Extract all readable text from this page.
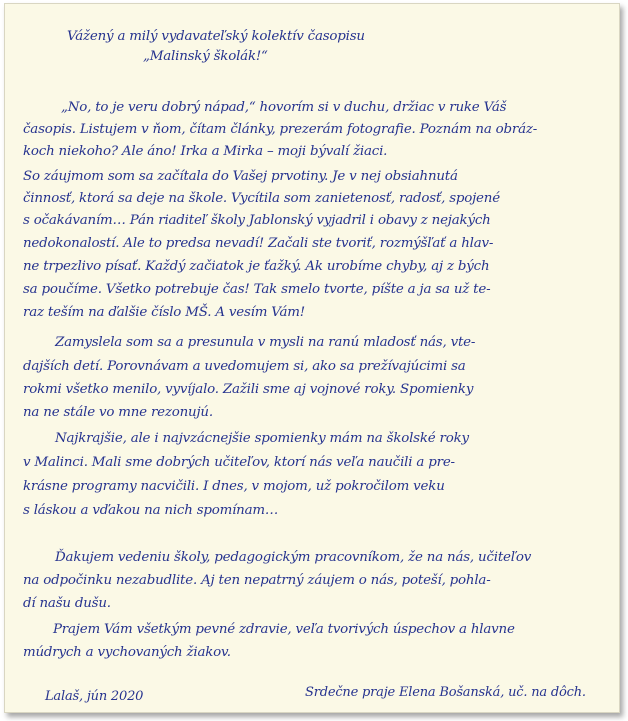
Vážený a milý vydavateľský kolektív časopisu
„Malinský školák!“
„No, to je veru dobrý nápad,“ hovorím si v duchu, držiac v ruke Váš
časopis. Listujem v ňom, čítam články, prezerám fotografie. Poznám na obráz-
koch niekoho? Ale áno! Irka a Mirka – moji bývalí žiaci.
So záujmom som sa začítala do Vašej prvotiny. Je v nej obsiahnutá
činnosť, ktorá sa deje na škole. Vycítila som zanietenosť, radosť, spojené
s očakávaním… Pán riaditeľ školy Jablonský vyjadril i obavy z nejakých
nedokonalostí. Ale to predsa nevadí! Začali ste tvoriť, rozmýšľať a hlav-
ne trpezlivo písať. Každý začiatok je ťažký. Ak urobíme chyby, aj z bých
sa poučíme. Všetko potrebuje čas! Tak smelo tvorte, píšte a ja sa už te-
raz teším na ďalšie číslo MŠ. A vesím Vám!
Zamyslela som sa a presunula v mysli na ranú mladosť nás, vte-
dajších detí. Porovnávam a uvedomujem si, ako sa prežívajúcimi sa
rokmi všetko menilo, vyvíjalo. Zažili sme aj vojnové roky. Spomienky
na ne stále vo mne rezonujú.
Najkrajšie, ale i najvzácnejšie spomienky mám na školské roky
v Malinci. Mali sme dobrých učiteľov, ktorí nás veľa naučili a pre-
krásne programy nacvičili. I dnes, v mojom, už pokročilom veku
s láskou a vďakou na nich spomínam…
Ďakujem vedeniu školy, pedagogickým pracovníkom, že na nás, učiteľov
na odpočinku nezabudlite. Aj ten nepatrný záujem o nás, poteší, pohla-
dí našu dušu.
Prajem Vám všetkým pevné zdravie, veľa tvorivých úspechov a hlavne
múdrych a vychovaných žiakov.
Lalaš, jún 2020	Srdečne praje Elena Bošanská, uč. na dôch.
